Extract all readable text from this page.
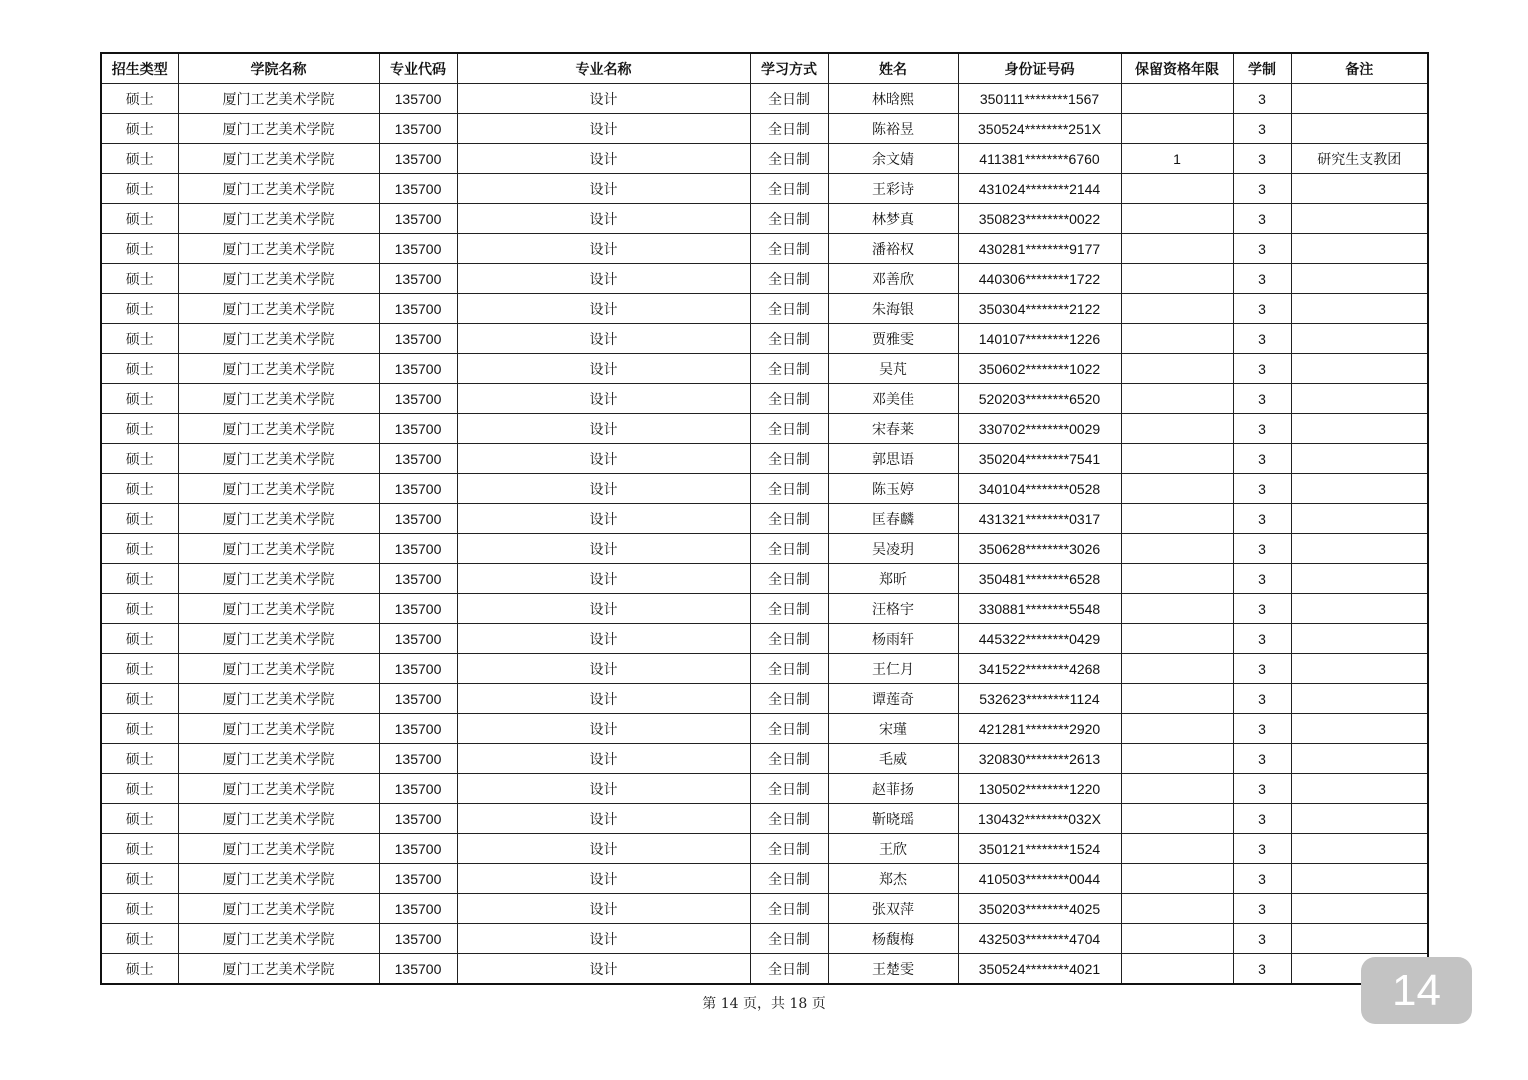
招生类型	学院名称	专业代码	专业名称	学习方式	姓名	身份证号码	保留资格年限	学制	备注
硕士	厦门工艺美术学院	135700	设计	全日制	林晗熙	350111********1567		3	
硕士	厦门工艺美术学院	135700	设计	全日制	陈裕昱	350524********251X		3	
硕士	厦门工艺美术学院	135700	设计	全日制	余文婧	411381********6760	1	3	研究生支教团
硕士	厦门工艺美术学院	135700	设计	全日制	王彩诗	431024********2144		3	
硕士	厦门工艺美术学院	135700	设计	全日制	林梦真	350823********0022		3	
硕士	厦门工艺美术学院	135700	设计	全日制	潘裕权	430281********9177		3	
硕士	厦门工艺美术学院	135700	设计	全日制	邓善欣	440306********1722		3	
硕士	厦门工艺美术学院	135700	设计	全日制	朱海银	350304********2122		3	
硕士	厦门工艺美术学院	135700	设计	全日制	贾雅雯	140107********1226		3	
硕士	厦门工艺美术学院	135700	设计	全日制	吴芃	350602********1022		3	
硕士	厦门工艺美术学院	135700	设计	全日制	邓美佳	520203********6520		3	
硕士	厦门工艺美术学院	135700	设计	全日制	宋春莱	330702********0029		3	
硕士	厦门工艺美术学院	135700	设计	全日制	郭思语	350204********7541		3	
硕士	厦门工艺美术学院	135700	设计	全日制	陈玉婷	340104********0528		3	
硕士	厦门工艺美术学院	135700	设计	全日制	匡春麟	431321********0317		3	
硕士	厦门工艺美术学院	135700	设计	全日制	吴凌玥	350628********3026		3	
硕士	厦门工艺美术学院	135700	设计	全日制	郑昕	350481********6528		3	
硕士	厦门工艺美术学院	135700	设计	全日制	汪格宇	330881********5548		3	
硕士	厦门工艺美术学院	135700	设计	全日制	杨雨轩	445322********0429		3	
硕士	厦门工艺美术学院	135700	设计	全日制	王仁月	341522********4268		3	
硕士	厦门工艺美术学院	135700	设计	全日制	谭莲奇	532623********1124		3	
硕士	厦门工艺美术学院	135700	设计	全日制	宋瑾	421281********2920		3	
硕士	厦门工艺美术学院	135700	设计	全日制	毛威	320830********2613		3	
硕士	厦门工艺美术学院	135700	设计	全日制	赵菲扬	130502********1220		3	
硕士	厦门工艺美术学院	135700	设计	全日制	靳晓瑶	130432********032X		3	
硕士	厦门工艺美术学院	135700	设计	全日制	王欣	350121********1524		3	
硕士	厦门工艺美术学院	135700	设计	全日制	郑杰	410503********0044		3	
硕士	厦门工艺美术学院	135700	设计	全日制	张双萍	350203********4025		3	
硕士	厦门工艺美术学院	135700	设计	全日制	杨馥梅	432503********4704		3	
硕士	厦门工艺美术学院	135700	设计	全日制	王楚雯	350524********4021		3	
第 14 页，共 18 页	14
